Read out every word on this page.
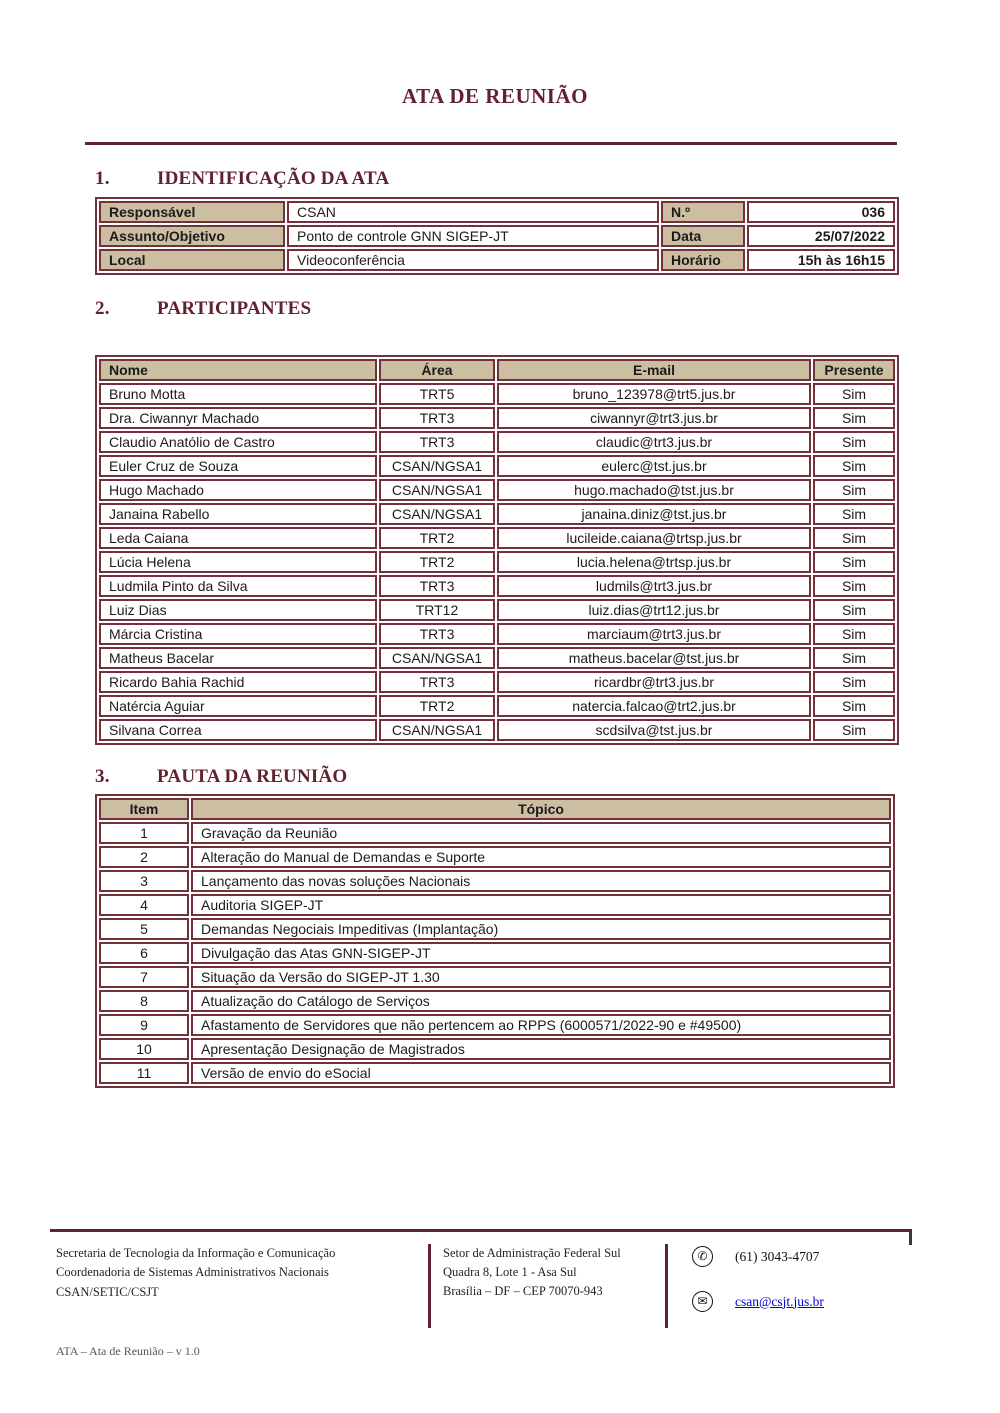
ATA DE REUNIÃO
1.	IDENTIFICAÇÃO DA ATA
Responsável	CSAN	N.º	036
Assunto/Objetivo	Ponto de controle GNN SIGEP-JT	Data	25/07/2022
Local	Videoconferência	Horário	15h às 16h15
2.	PARTICIPANTES
Nome	Área	E-mail	Presente
Bruno Motta	TRT5	bruno_123978@trt5.jus.br	Sim
Dra. Ciwannyr Machado	TRT3	ciwannyr@trt3.jus.br	Sim
Claudio Anatólio de Castro	TRT3	claudic@trt3.jus.br	Sim
Euler Cruz de Souza	CSAN/NGSA1	eulerc@tst.jus.br	Sim
Hugo Machado	CSAN/NGSA1	hugo.machado@tst.jus.br	Sim
Janaina Rabello	CSAN/NGSA1	janaina.diniz@tst.jus.br	Sim
Leda Caiana	TRT2	lucileide.caiana@trtsp.jus.br	Sim
Lúcia Helena	TRT2	lucia.helena@trtsp.jus.br	Sim
Ludmila Pinto da Silva	TRT3	ludmils@trt3.jus.br	Sim
Luiz Dias	TRT12	luiz.dias@trt12.jus.br	Sim
Márcia Cristina	TRT3	marciaum@trt3.jus.br	Sim
Matheus Bacelar	CSAN/NGSA1	matheus.bacelar@tst.jus.br	Sim
Ricardo Bahia Rachid	TRT3	ricardbr@trt3.jus.br	Sim
Natércia Aguiar	TRT2	natercia.falcao@trt2.jus.br	Sim
Silvana Correa	CSAN/NGSA1	scdsilva@tst.jus.br	Sim
3.	PAUTA DA REUNIÃO
Item	Tópico
1	Gravação da Reunião
2	Alteração do Manual de Demandas e Suporte
3	Lançamento das novas soluções Nacionais
4	Auditoria SIGEP-JT
5	Demandas Negociais Impeditivas (Implantação)
6	Divulgação das Atas GNN-SIGEP-JT
7	Situação da Versão do SIGEP-JT 1.30
8	Atualização do Catálogo de Serviços
9	Afastamento de Servidores que não pertencem ao RPPS (6000571/2022-90 e #49500)
10	Apresentação Designação de Magistrados
11	Versão de envio do eSocial
Secretaria de Tecnologia da Informação e Comunicação
Coordenadoria de Sistemas Administrativos Nacionais
CSAN/SETIC/CSJT
Setor de Administração Federal Sul
Quadra 8, Lote 1 - Asa Sul
Brasília – DF – CEP 70070-943
✆	(61) 3043-4707
✉	csan@csjt.jus.br
ATA – Ata de Reunião – v 1.0
